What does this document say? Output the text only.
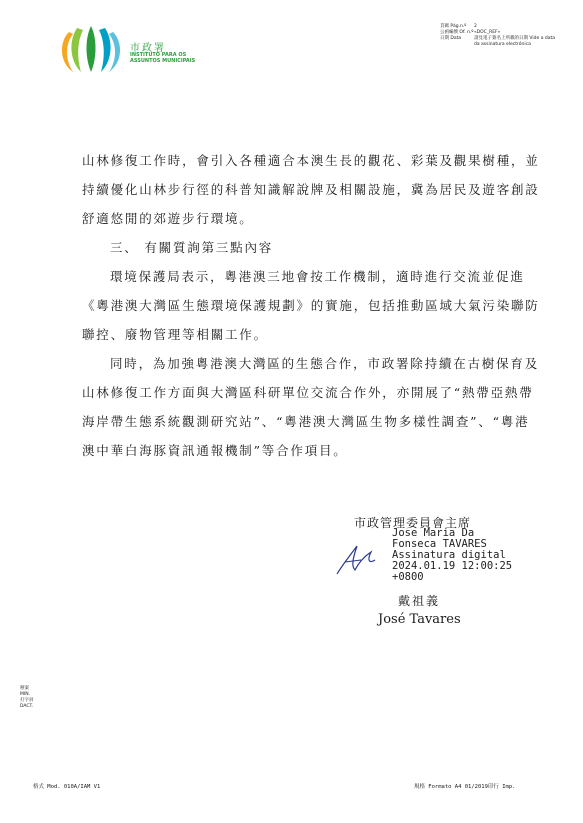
市政署
INSTITUTO PARA OS ASSUNTOS MUNICIPAIS
頁碼 Pág.n.º	2
公函編號 Of. n.º «DOC_REF»
日期 Data	請見電子簽名上所載的日期 Vide a data da assinatura electrónica

山林修復工作時，會引入各種適合本澳生長的觀花、彩葉及觀果樹種，並持續優化山林步行徑的科普知識解說牌及相關設施，冀為居民及遊客創設舒適悠閒的郊遊步行環境。

三、 有關質詢第三點內容

環境保護局表示，粵港澳三地會按工作機制，適時進行交流並促進《粵港澳大灣區生態環境保護規劃》的實施，包括推動區域大氣污染聯防聯控、廢物管理等相關工作。

同時，為加強粵港澳大灣區的生態合作，市政署除持續在古樹保育及山林修復工作方面與大灣區科研單位交流合作外，亦開展了“熱帶亞熱帶海岸帶生態系統觀測研究站”、“粵港澳大灣區生物多樣性調查”、“粵港澳中華白海豚資訊通報機制”等合作項目。

市政管理委員會主席
Jose Maria Da
Fonseca TAVARES
Assinatura digital
2024.01.19 12:00:25
+0800
戴祖義
José Tavares
辦案
MIN.
打字員
DACT.
格式 Mod. 010A/IAM V1	規格 Formato A4 01/2019印行 Imp.
